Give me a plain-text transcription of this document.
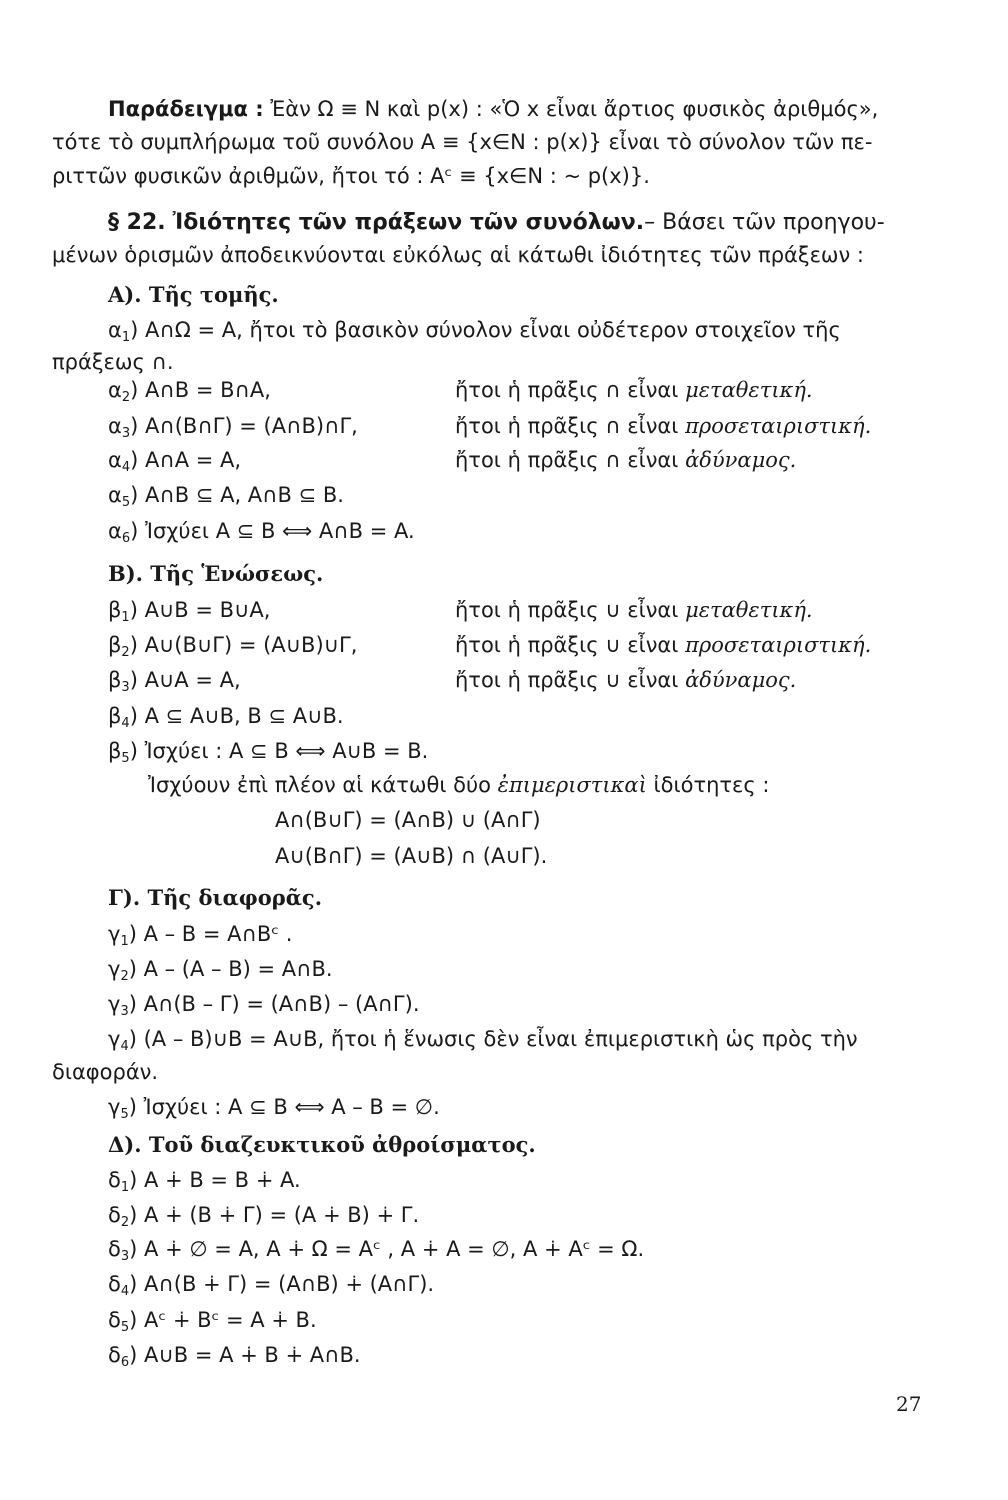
Παράδειγμα : Ἐὰν Ω ≡ N καὶ p(x) : «Ὁ x εἶναι ἄρτιος φυσικὸς ἀριθμός»,
τότε τὸ συμπλήρωμα τοῦ συνόλου A ≡ {x∈N : p(x)} εἶναι τὸ σύνολον τῶν πε-
ριττῶν φυσικῶν ἀριθμῶν, ἤτοι τό : Aᶜ ≡ {x∈N : ~ p(x)}.
§ 22. Ἰδιότητες τῶν πράξεων τῶν συνόλων.– Βάσει τῶν προηγου-
μένων ὁρισμῶν ἀποδεικνύονται εὐκόλως αἱ κάτωθι ἰδιότητες τῶν πράξεων :
Α). Τῆς τομῆς.
$\alpha_1$) A∩Ω = A, ἤτοι τὸ βασικὸν σύνολον εἶναι οὐδέτερον στοιχεῖον τῆς
πράξεως ∩.
$\alpha_2$) A∩B = B∩A,	ἤτοι ἡ πρᾶξις ∩ εἶναι μεταθετική.
$\alpha_3$) A∩(B∩Γ) = (A∩B)∩Γ,	ἤτοι ἡ πρᾶξις ∩ εἶναι προσεταιριστική.
$\alpha_4$) A∩A = A,	ἤτοι ἡ πρᾶξις ∩ εἶναι ἀδύναμος.
$\alpha_5$) A∩B ⊆ A, A∩B ⊆ B.
$\alpha_6$) Ἰσχύει A ⊆ B ⟺ A∩B = A.
Β). Τῆς Ἑνώσεως.
$\beta_1$) A∪B = B∪A,	ἤτοι ἡ πρᾶξις ∪ εἶναι μεταθετική.
$\beta_2$) A∪(B∪Γ) = (A∪B)∪Γ,	ἤτοι ἡ πρᾶξις ∪ εἶναι προσεταιριστική.
$\beta_3$) A∪A = A,	ἤτοι ἡ πρᾶξις ∪ εἶναι ἀδύναμος.
$\beta_4$) A ⊆ A∪B, B ⊆ A∪B.
$\beta_5$) Ἰσχύει : A ⊆ B ⟺ A∪B = B.
Ἰσχύουν ἐπὶ πλέον αἱ κάτωθι δύο ἐπιμεριστικαὶ ἰδιότητες :
A∩(B∪Γ) = (A∩B) ∪ (A∩Γ)
A∪(B∩Γ) = (A∪B) ∩ (A∪Γ).
Γ). Τῆς διαφορᾶς.
$\gamma_1$) A – B = A∩Bᶜ .
$\gamma_2$) A – (A – B) = A∩B.
$\gamma_3$) A∩(B – Γ) = (A∩B) – (A∩Γ).
$\gamma_4$) (A – B)∪B = A∪B, ἤτοι ἡ ἕνωσις δὲν εἶναι ἐπιμεριστικὴ ὡς πρὸς τὴν
διαφοράν.
$\gamma_5$) Ἰσχύει : A ⊆ B ⟺ A – B = ∅.
Δ). Τοῦ διαζευκτικοῦ ἀθροίσματος.
$\delta_1$) A ∔ B = B ∔ A.
$\delta_2$) A ∔ (B ∔ Γ) = (A ∔ B) ∔ Γ.
$\delta_3$) A ∔ ∅ = A, A ∔ Ω = Aᶜ , A ∔ A = ∅, A ∔ Aᶜ = Ω.
$\delta_4$) A∩(B ∔ Γ) = (A∩B) ∔ (A∩Γ).
$\delta_5$) Aᶜ ∔ Bᶜ = A ∔ B.
$\delta_6$) A∪B = A ∔ B ∔ A∩B.
27
